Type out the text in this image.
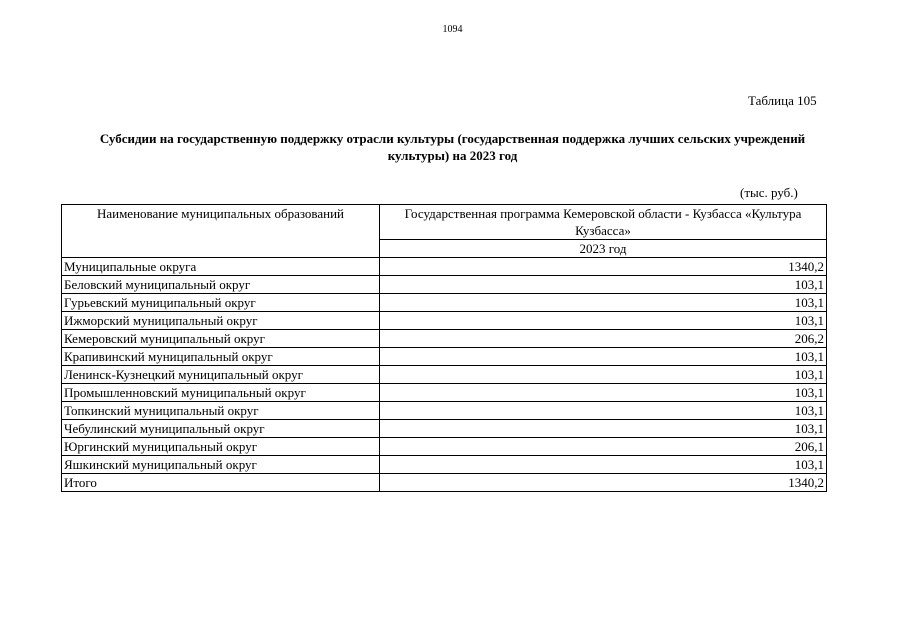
1094
Таблица 105
Субсидии на государственную поддержку отрасли культуры (государственная поддержка лучших сельских учреждений культуры) на 2023 год
(тыс. руб.)
Наименование муниципальных образований	Государственная программа Кемеровской области - Кузбасса «Культура Кузбасса»
	2023 год
Муниципальные округа	1340,2
Беловский муниципальный округ	103,1
Гурьевский муниципальный округ	103,1
Ижморский муниципальный округ	103,1
Кемеровский муниципальный округ	206,2
Крапивинский муниципальный округ	103,1
Ленинск-Кузнецкий муниципальный округ	103,1
Промышленновский муниципальный округ	103,1
Топкинский муниципальный округ	103,1
Чебулинский муниципальный округ	103,1
Юргинский муниципальный округ	206,1
Яшкинский муниципальный округ	103,1
Итого	1340,2
